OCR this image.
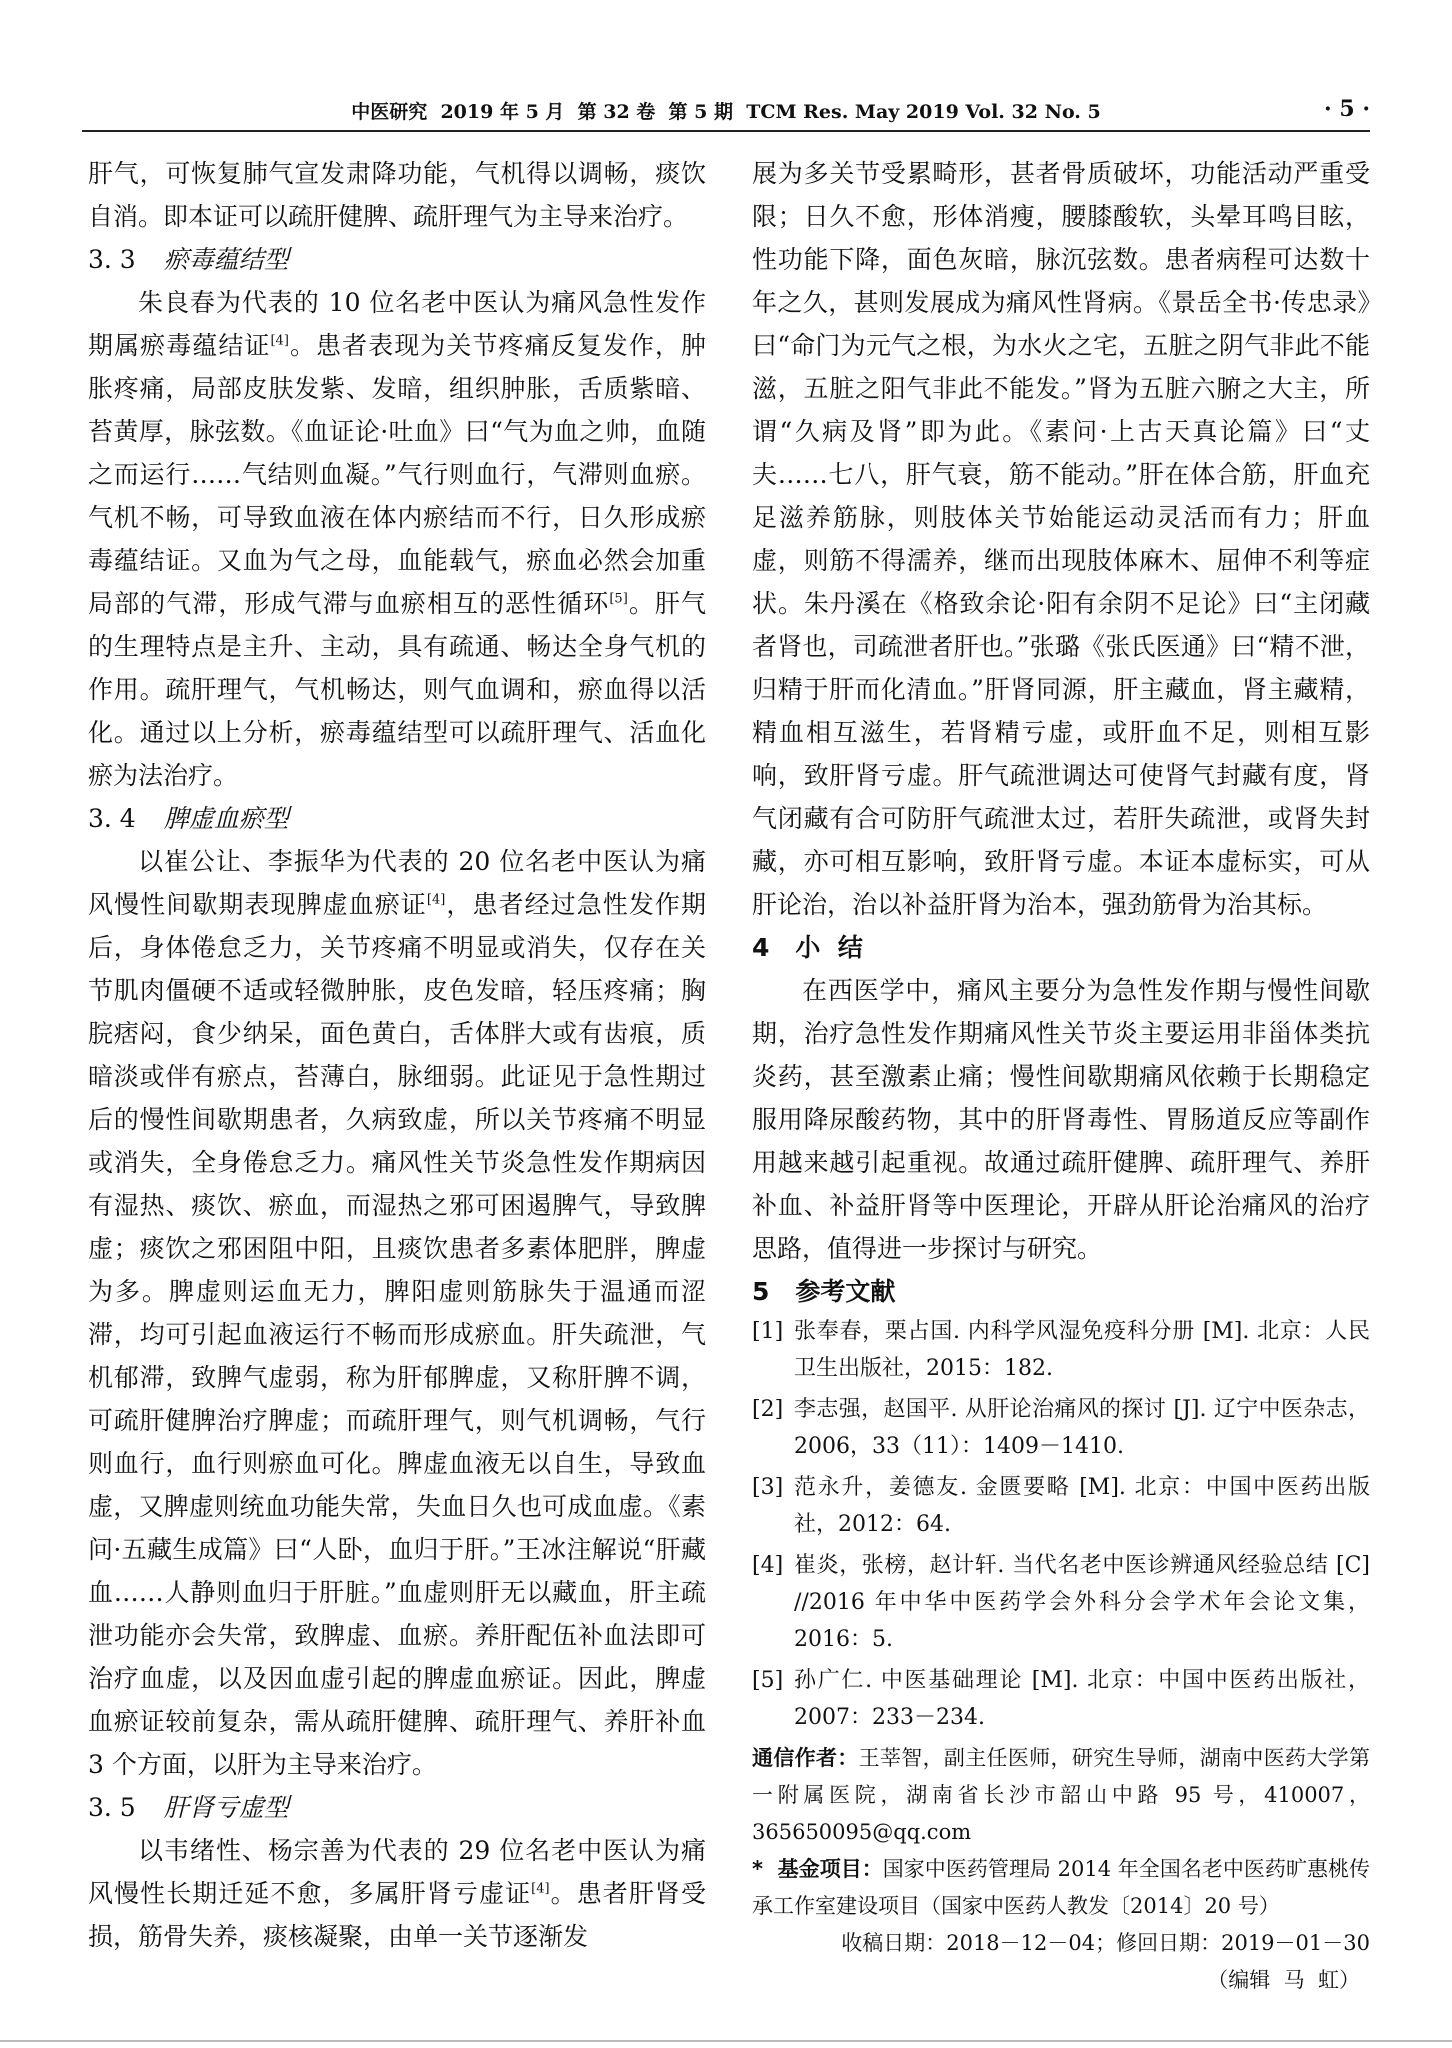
中医研究  2019 年 5 月  第 32 卷  第 5 期  TCM Res. May 2019 Vol. 32 No. 5	· 5 ·

肝气，可恢复肺气宣发肃降功能，气机得以调畅，痰饮自消。即本证可以疏肝健脾、疏肝理气为主导来治疗。

3. 3 瘀毒蕴结型

朱良春为代表的 10 位名老中医认为痛风急性发作期属瘀毒蕴结证[4]。患者表现为关节疼痛反复发作，肿胀疼痛，局部皮肤发紫、发暗，组织肿胀，舌质紫暗、苔黄厚，脉弦数。《血证论·吐血》曰“气为血之帅，血随之而运行……气结则血凝。”气行则血行，气滞则血瘀。气机不畅，可导致血液在体内瘀结而不行，日久形成瘀毒蕴结证。又血为气之母，血能载气，瘀血必然会加重局部的气滞，形成气滞与血瘀相互的恶性循环[5]。肝气的生理特点是主升、主动，具有疏通、畅达全身气机的作用。疏肝理气，气机畅达，则气血调和，瘀血得以活化。通过以上分析，瘀毒蕴结型可以疏肝理气、活血化瘀为法治疗。

3. 4 脾虚血瘀型

以崔公让、李振华为代表的 20 位名老中医认为痛风慢性间歇期表现脾虚血瘀证[4]，患者经过急性发作期后，身体倦怠乏力，关节疼痛不明显或消失，仅存在关节肌肉僵硬不适或轻微肿胀，皮色发暗，轻压疼痛；胸脘痞闷，食少纳呆，面色黄白，舌体胖大或有齿痕，质暗淡或伴有瘀点，苔薄白，脉细弱。此证见于急性期过后的慢性间歇期患者，久病致虚，所以关节疼痛不明显或消失，全身倦怠乏力。痛风性关节炎急性发作期病因有湿热、痰饮、瘀血，而湿热之邪可困遏脾气，导致脾虚；痰饮之邪困阻中阳，且痰饮患者多素体肥胖，脾虚为多。脾虚则运血无力，脾阳虚则筋脉失于温通而涩滞，均可引起血液运行不畅而形成瘀血。肝失疏泄，气机郁滞，致脾气虚弱，称为肝郁脾虚，又称肝脾不调，可疏肝健脾治疗脾虚；而疏肝理气，则气机调畅，气行则血行，血行则瘀血可化。脾虚血液无以自生，导致血虚，又脾虚则统血功能失常，失血日久也可成血虚。《素问·五藏生成篇》曰“人卧，血归于肝。”王冰注解说“肝藏血……人静则血归于肝脏。”血虚则肝无以藏血，肝主疏泄功能亦会失常，致脾虚、血瘀。养肝配伍补血法即可治疗血虚，以及因血虚引起的脾虚血瘀证。因此，脾虚血瘀证较前复杂，需从疏肝健脾、疏肝理气、养肝补血 3 个方面，以肝为主导来治疗。

3. 5 肝肾亏虚型

以韦绪性、杨宗善为代表的 29 位名老中医认为痛风慢性长期迁延不愈，多属肝肾亏虚证[4]。患者肝肾受损，筋骨失养，痰核凝聚，由单一关节逐渐发

展为多关节受累畸形，甚者骨质破坏，功能活动严重受限；日久不愈，形体消瘦，腰膝酸软，头晕耳鸣目眩，性功能下降，面色灰暗，脉沉弦数。患者病程可达数十年之久，甚则发展成为痛风性肾病。《景岳全书·传忠录》曰“命门为元气之根，为水火之宅，五脏之阴气非此不能滋，五脏之阳气非此不能发。”肾为五脏六腑之大主，所谓“久病及肾”即为此。《素问·上古天真论篇》曰“丈夫……七八，肝气衰，筋不能动。”肝在体合筋，肝血充足滋养筋脉，则肢体关节始能运动灵活而有力；肝血虚，则筋不得濡养，继而出现肢体麻木、屈伸不利等症状。朱丹溪在《格致余论·阳有余阴不足论》曰“主闭藏者肾也，司疏泄者肝也。”张璐《张氏医通》曰“精不泄，归精于肝而化清血。”肝肾同源，肝主藏血，肾主藏精，精血相互滋生，若肾精亏虚，或肝血不足，则相互影响，致肝肾亏虚。肝气疏泄调达可使肾气封藏有度，肾气闭藏有合可防肝气疏泄太过，若肝失疏泄，或肾失封藏，亦可相互影响，致肝肾亏虚。本证本虚标实，可从肝论治，治以补益肝肾为治本，强劲筋骨为治其标。

4 小  结

在西医学中，痛风主要分为急性发作期与慢性间歇期，治疗急性发作期痛风性关节炎主要运用非甾体类抗炎药，甚至激素止痛；慢性间歇期痛风依赖于长期稳定服用降尿酸药物，其中的肝肾毒性、胃肠道反应等副作用越来越引起重视。故通过疏肝健脾、疏肝理气、养肝补血、补益肝肾等中医理论，开辟从肝论治痛风的治疗思路，值得进一步探讨与研究。

5 参考文献

[1] 张奉春，栗占国. 内科学风湿免疫科分册 [M]. 北京：人民卫生出版社，2015：182.
[2] 李志强，赵国平. 从肝论治痛风的探讨 [J]. 辽宁中医杂志，2006，33（11）：1409－1410.
[3] 范永升，姜德友. 金匮要略 [M]. 北京：中国中医药出版社，2012：64.
[4] 崔炎，张榜，赵计轩. 当代名老中医诊辨通风经验总结 [C] //2016 年中华中医药学会外科分会学术年会论文集，2016：5.
[5] 孙广仁. 中医基础理论 [M]. 北京：中国中医药出版社，2007：233－234.

通信作者：王莘智，副主任医师，研究生导师，湖南中医药大学第一附属医院，湖南省长沙市韶山中路 95 号，410007，365650095@qq.com

*  基金项目：国家中医药管理局 2014 年全国名老中医药旷惠桃传承工作室建设项目（国家中医药人教发〔2014〕20 号）

收稿日期：2018－12－04；修回日期：2019－01－30

（编辑  马  虹）
